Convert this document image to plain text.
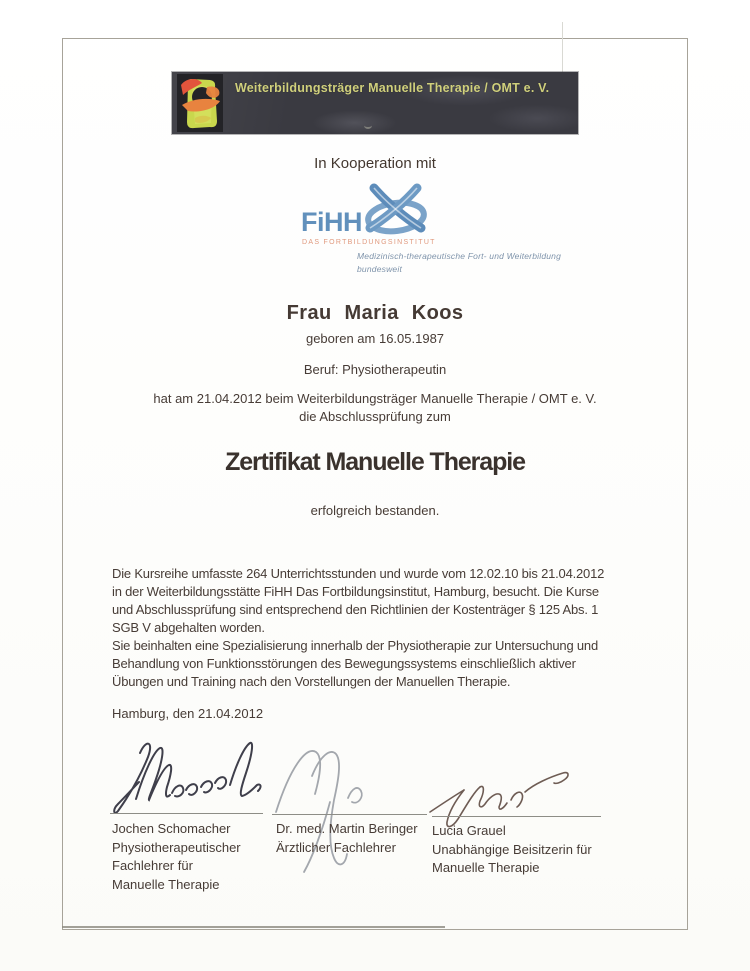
Weiterbildungsträger Manuelle Therapie / OMT e. V.
In Kooperation mit
FiHH
DAS FORTBILDUNGSINSTITUT
Medizinisch-therapeutische Fort- und Weiterbildung
bundesweit
Frau Maria Koos
geboren am 16.05.1987
Beruf: Physiotherapeutin
hat am 21.04.2012 beim Weiterbildungsträger Manuelle Therapie / OMT e. V.
die Abschlussprüfung zum
Zertifikat Manuelle Therapie
erfolgreich bestanden.
Die Kursreihe umfasste 264 Unterrichtsstunden und wurde vom 12.02.10 bis 21.04.2012
in der Weiterbildungsstätte FiHH Das Fortbildungsinstitut, Hamburg, besucht. Die Kurse
und Abschlussprüfung sind entsprechend den Richtlinien der Kostenträger § 125 Abs. 1
SGB V abgehalten worden.
Sie beinhalten eine Spezialisierung innerhalb der Physiotherapie zur Untersuchung und
Behandlung von Funktionsstörungen des Bewegungssystems einschließlich aktiver
Übungen und Training nach den Vorstellungen der Manuellen Therapie.
Hamburg, den 21.04.2012
Jochen Schomacher
Physiotherapeutischer
Fachlehrer für
Manuelle Therapie
Dr. med. Martin Beringer
Ärztlicher Fachlehrer
Lucia Grauel
Unabhängige Beisitzerin für
Manuelle Therapie
